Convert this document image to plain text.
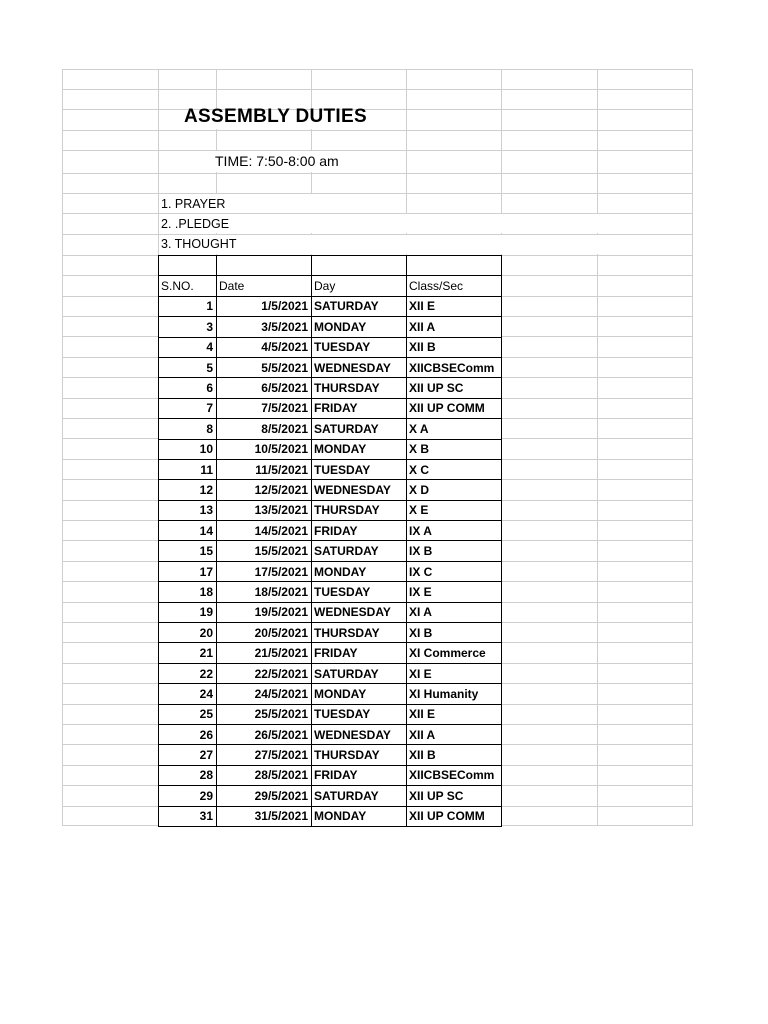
ASSEMBLY DUTIES
TIME: 7:50-8:00 am
1. PRAYER
2. .PLEDGE
3. THOUGHT

S.NO.	Date	Day	Class/Sec
1	1/5/2021	SATURDAY	XII E
3	3/5/2021	MONDAY	XII A
4	4/5/2021	TUESDAY	XII B
5	5/5/2021	WEDNESDAY	XIICBSEComm
6	6/5/2021	THURSDAY	XII UP SC
7	7/5/2021	FRIDAY	XII UP COMM
8	8/5/2021	SATURDAY	X A
10	10/5/2021	MONDAY	X B
11	11/5/2021	TUESDAY	X C
12	12/5/2021	WEDNESDAY	X D
13	13/5/2021	THURSDAY	X E
14	14/5/2021	FRIDAY	IX A
15	15/5/2021	SATURDAY	IX B
17	17/5/2021	MONDAY	IX C
18	18/5/2021	TUESDAY	IX E
19	19/5/2021	WEDNESDAY	XI A
20	20/5/2021	THURSDAY	XI B
21	21/5/2021	FRIDAY	XI Commerce
22	22/5/2021	SATURDAY	XI E
24	24/5/2021	MONDAY	XI Humanity
25	25/5/2021	TUESDAY	XII E
26	26/5/2021	WEDNESDAY	XII A
27	27/5/2021	THURSDAY	XII B
28	28/5/2021	FRIDAY	XIICBSEComm
29	29/5/2021	SATURDAY	XII UP SC
31	31/5/2021	MONDAY	XII UP COMM
